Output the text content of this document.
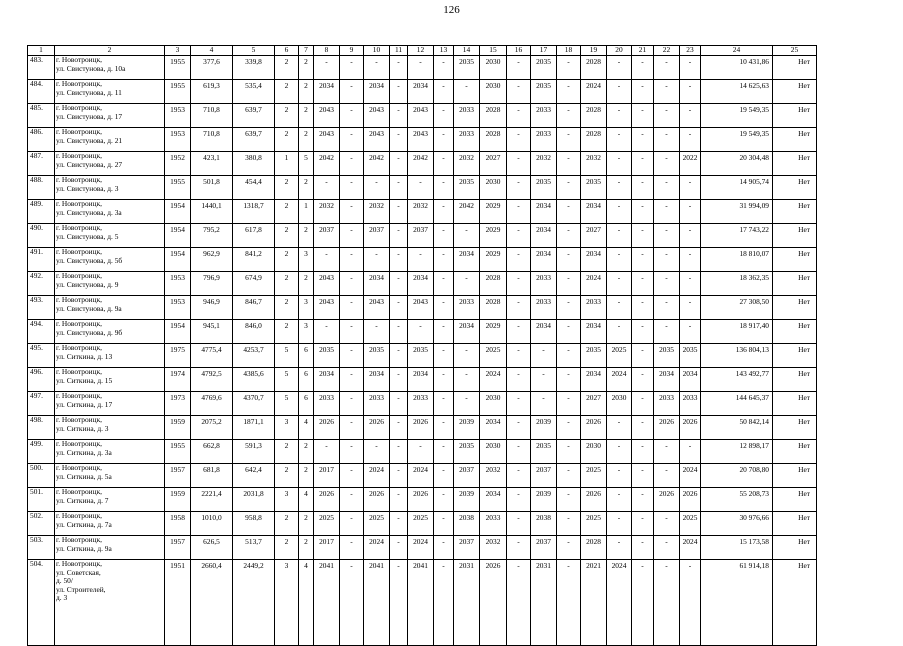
126
1	2	3	4	5	6	7	8	9	10	11	12	13	14	15	16	17	18	19	20	21	22	23	24	25
483.	г. Новотроицк,
ул. Свистунова, д. 10а	1955	377,6	339,8	2	2	-	-	-	-	-	-	2035	2030	-	2035	-	2028	-	-	-	-	10 431,86	Нет
484.	г. Новотроицк,
ул. Свистунова, д. 11	1955	619,3	535,4	2	2	2034	-	2034	-	2034	-	-	2030	-	2035	-	2024	-	-	-	-	14 625,63	Нет
485.	г. Новотроицк,
ул. Свистунова, д. 17	1953	710,8	639,7	2	2	2043	-	2043	-	2043	-	2033	2028	-	2033	-	2028	-	-	-	-	19 549,35	Нет
486.	г. Новотроицк,
ул. Свистунова, д. 21	1953	710,8	639,7	2	2	2043	-	2043	-	2043	-	2033	2028	-	2033	-	2028	-	-	-	-	19 549,35	Нет
487.	г. Новотроицк,
ул. Свистунова, д. 27	1952	423,1	380,8	1	5	2042	-	2042	-	2042	-	2032	2027	-	2032	-	2032	-	-	-	2022	20 304,48	Нет
488.	г. Новотроицк,
ул. Свистунова, д. 3	1955	501,8	454,4	2	2	-	-	-	-	-	-	2035	2030	-	2035	-	2035	-	-	-	-	14 905,74	Нет
489.	г. Новотроицк,
ул. Свистунова, д. 3а	1954	1440,1	1318,7	2	1	2032	-	2032	-	2032	-	2042	2029	-	2034	-	2034	-	-	-	-	31 994,09	Нет
490.	г. Новотроицк,
ул. Свистунова, д. 5	1954	795,2	617,8	2	2	2037	-	2037	-	2037	-	-	2029	-	2034	-	2027	-	-	-	-	17 743,22	Нет
491.	г. Новотроицк,
ул. Свистунова, д. 5б	1954	962,9	841,2	2	3	-	-	-	-	-	-	2034	2029	-	2034	-	2034	-	-	-	-	18 810,07	Нет
492.	г. Новотроицк,
ул. Свистунова, д. 9	1953	796,9	674,9	2	2	2043	-	2034	-	2034	-	-	2028	-	2033	-	2024	-	-	-	-	18 362,35	Нет
493.	г. Новотроицк,
ул. Свистунова, д. 9а	1953	946,9	846,7	2	3	2043	-	2043	-	2043	-	2033	2028	-	2033	-	2033	-	-	-	-	27 308,50	Нет
494.	г. Новотроицк,
ул. Свистунова, д. 9б	1954	945,1	846,0	2	3	-	-	-	-	-	-	2034	2029	-	2034	-	2034	-	-	-	-	18 917,40	Нет
495.	г. Новотроицк,
ул. Ситкина, д. 13	1975	4775,4	4253,7	5	6	2035	-	2035	-	2035	-	-	2025	-	-	-	2035	2025	-	2035	2035	136 804,13	Нет
496.	г. Новотроицк,
ул. Ситкина, д. 15	1974	4792,5	4385,6	5	6	2034	-	2034	-	2034	-	-	2024	-	-	-	2034	2024	-	2034	2034	143 492,77	Нет
497.	г. Новотроицк,
ул. Ситкина, д. 17	1973	4769,6	4370,7	5	6	2033	-	2033	-	2033	-	-	2030	-	-	-	2027	2030	-	2033	2033	144 645,37	Нет
498.	г. Новотроицк,
ул. Ситкина, д. 3	1959	2075,2	1871,1	3	4	2026	-	2026	-	2026	-	2039	2034	-	2039	-	2026	-	-	2026	2026	50 842,14	Нет
499.	г. Новотроицк,
ул. Ситкина, д. 3а	1955	662,8	591,3	2	2	-	-	-	-	-	-	2035	2030	-	2035	-	2030	-	-	-	-	12 898,17	Нет
500.	г. Новотроицк,
ул. Ситкина, д. 5а	1957	681,8	642,4	2	2	2017	-	2024	-	2024	-	2037	2032	-	2037	-	2025	-	-	-	2024	20 708,80	Нет
501.	г. Новотроицк,
ул. Ситкина, д. 7	1959	2221,4	2031,8	3	4	2026	-	2026	-	2026	-	2039	2034	-	2039	-	2026	-	-	2026	2026	55 208,73	Нет
502.	г. Новотроицк,
ул. Ситкина, д. 7а	1958	1010,0	958,8	2	2	2025	-	2025	-	2025	-	2038	2033	-	2038	-	2025	-	-	-	2025	30 976,66	Нет
503.	г. Новотроицк,
ул. Ситкина, д. 9а	1957	626,5	513,7	2	2	2017	-	2024	-	2024	-	2037	2032	-	2037	-	2028	-	-	-	2024	15 173,58	Нет
504.	г. Новотроицк,
ул. Советская,
д. 50/
ул. Строителей,
д. 3	1951	2660,4	2449,2	3	4	2041	-	2041	-	2041	-	2031	2026	-	2031	-	2021	2024	-	-	-	61 914,18	Нет
